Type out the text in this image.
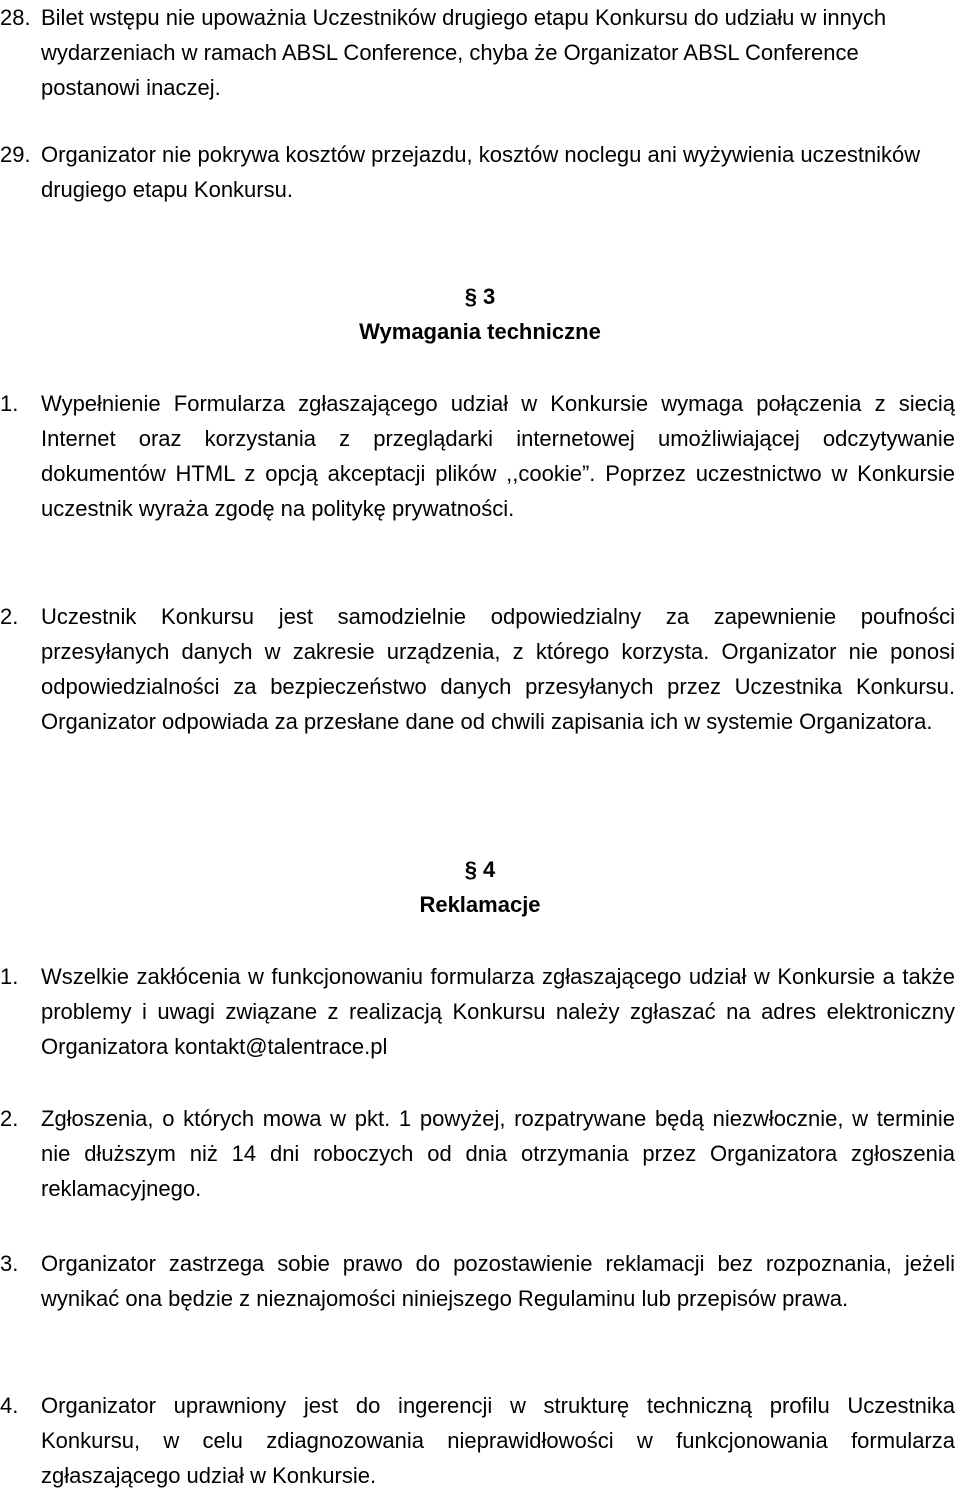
28. Bilet wstępu nie upoważnia Uczestników drugiego etapu Konkursu do udziału w innych wydarzeniach w ramach ABSL Conference, chyba że Organizator ABSL Conference postanowi inaczej.
29. Organizator nie pokrywa kosztów przejazdu, kosztów noclegu ani wyżywienia uczestników drugiego etapu Konkursu.
§ 3
Wymagania techniczne
1. Wypełnienie Formularza zgłaszającego udział w Konkursie wymaga połączenia z siecią Internet oraz korzystania z przeglądarki internetowej umożliwiającej odczytywanie dokumentów HTML z opcją akceptacji plików ,,cookie”. Poprzez uczestnictwo w Konkursie uczestnik wyraża zgodę na politykę prywatności.
2. Uczestnik Konkursu jest samodzielnie odpowiedzialny za zapewnienie poufności przesyłanych danych w zakresie urządzenia, z którego korzysta. Organizator nie ponosi odpowiedzialności za bezpieczeństwo danych przesyłanych przez Uczestnika Konkursu. Organizator odpowiada za przesłane dane od chwili zapisania ich w systemie Organizatora.
§ 4
Reklamacje
1. Wszelkie zakłócenia w funkcjonowaniu formularza zgłaszającego udział w Konkursie a także problemy i uwagi związane z realizacją Konkursu należy zgłaszać na adres elektroniczny Organizatora kontakt@talentrace.pl
2. Zgłoszenia, o których mowa w pkt. 1 powyżej, rozpatrywane będą niezwłocznie, w terminie nie dłuższym niż 14 dni roboczych od dnia otrzymania przez Organizatora zgłoszenia reklamacyjnego.
3. Organizator zastrzega sobie prawo do pozostawienie reklamacji bez rozpoznania, jeżeli wynikać ona będzie z nieznajomości niniejszego Regulaminu lub przepisów prawa.
4. Organizator uprawniony jest do ingerencji w strukturę techniczną profilu Uczestnika Konkursu, w celu zdiagnozowania nieprawidłowości w funkcjonowania formularza zgłaszającego udział w Konkursie.
